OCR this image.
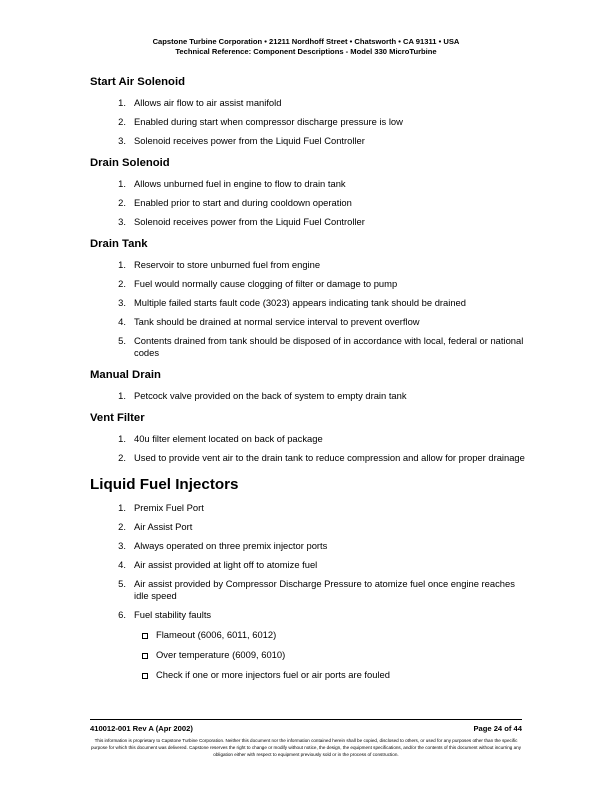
Capstone Turbine Corporation • 21211 Nordhoff Street • Chatsworth • CA 91311 • USA
Technical Reference: Component Descriptions - Model 330 MicroTurbine
Start Air Solenoid
1. Allows air flow to air assist manifold
2. Enabled during start when compressor discharge pressure is low
3. Solenoid receives power from the Liquid Fuel Controller
Drain Solenoid
1. Allows unburned fuel in engine to flow to drain tank
2. Enabled prior to start and during cooldown operation
3. Solenoid receives power from the Liquid Fuel Controller
Drain Tank
1. Reservoir to store unburned fuel from engine
2. Fuel would normally cause clogging of filter or damage to pump
3. Multiple failed starts fault code (3023) appears indicating tank should be drained
4. Tank should be drained at normal service interval to prevent overflow
5. Contents drained from tank should be disposed of in accordance with local, federal or national codes
Manual Drain
1. Petcock valve provided on the back of system to empty drain tank
Vent Filter
1. 40u filter element located on back of package
2. Used to provide vent air to the drain tank to reduce compression and allow for proper drainage
Liquid Fuel Injectors
1. Premix Fuel Port
2. Air Assist Port
3. Always operated on three premix injector ports
4. Air assist provided at light off to atomize fuel
5. Air assist provided by Compressor Discharge Pressure to atomize fuel once engine reaches idle speed
6. Fuel stability faults
Flameout (6006, 6011, 6012)
Over temperature (6009, 6010)
Check if one or more injectors fuel or air ports are fouled
410012-001 Rev A (Apr 2002)	Page 24 of 44
This information is proprietary to Capstone Turbine Corporation. Neither this document nor the information contained herein shall be copied, disclosed to others, or used for any purposes other than the specific purpose for which this document was delivered. Capstone reserves the right to change or modify without notice, the design, the equipment specifications, and/or the contents of this document without incurring any obligation either with respect to equipment previously sold or in the process of construction.
